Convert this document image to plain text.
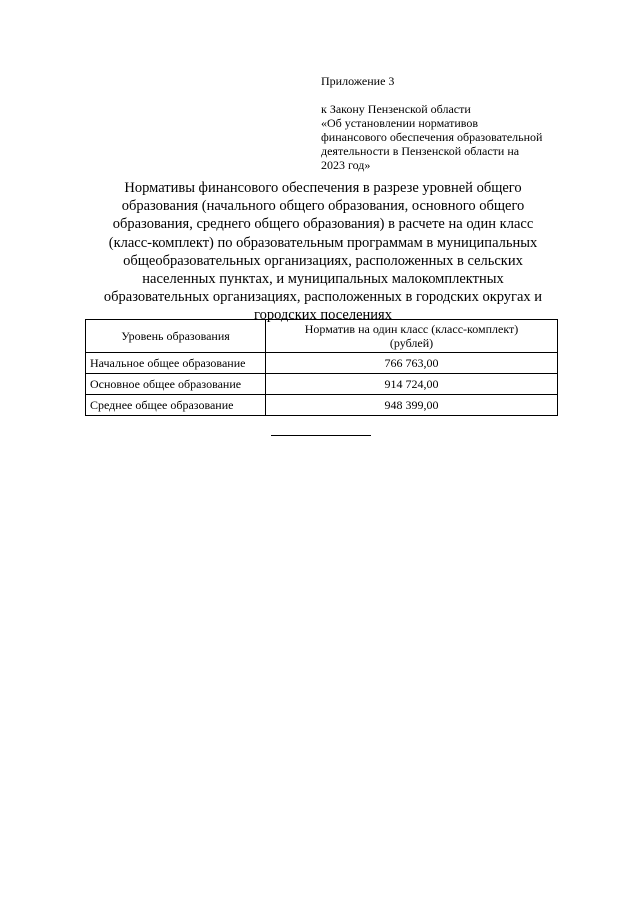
Приложение 3
к Закону Пензенской области
«Об установлении нормативов
финансового обеспечения образовательной
деятельности в Пензенской области на
2023 год»
Нормативы финансового обеспечения в разрезе уровней общего
образования (начального общего образования, основного общего
образования, среднего общего образования) в расчете на один класс
(класс-комплект) по образовательным программам в муниципальных
общеобразовательных организациях, расположенных в сельских
населенных пунктах, и муниципальных малокомплектных
образовательных организациях, расположенных в городских округах и
городских поселениях
Уровень образования	Норматив на один класс (класс-комплект)
(рублей)

Начальное общее образование	766 763,00
Основное общее образование	914 724,00
Среднее общее образование	948 399,00
